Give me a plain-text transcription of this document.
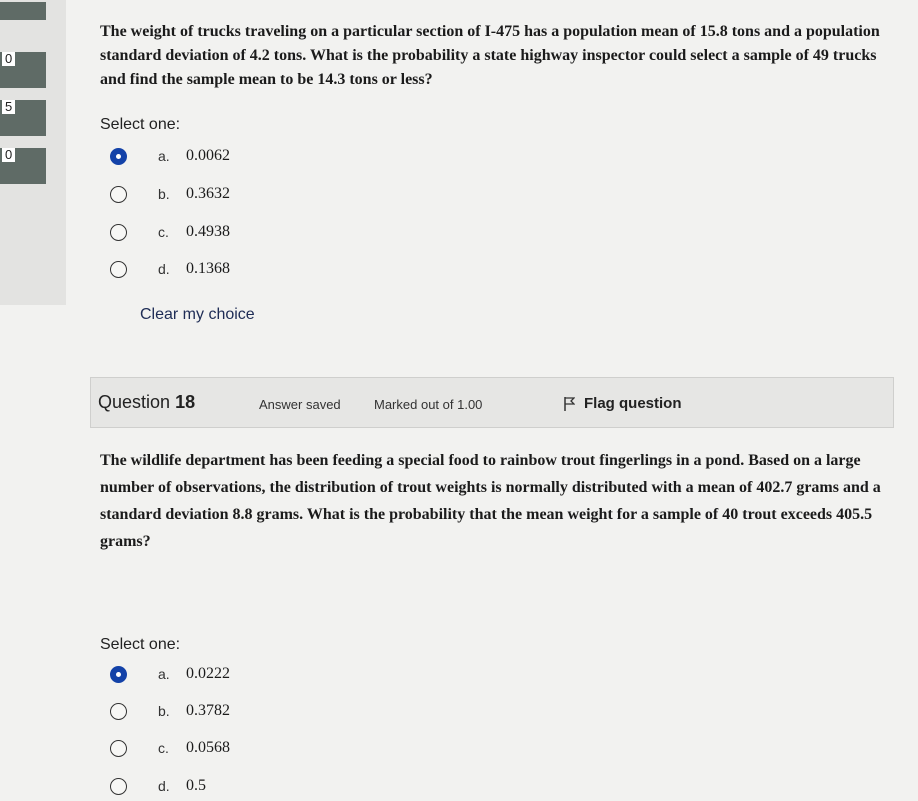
0
5
0
The weight of trucks traveling on a particular section of I-475 has a population mean of 15.8 tons and a population standard deviation of 4.2 tons. What is the probability a state highway inspector could select a sample of 49 trucks and find the sample mean to be 14.3 tons or less?
Select one:
a.	0.0062
b.	0.3632
c.	0.4938
d.	0.1368
Clear my choice
Question 18	Answer saved	Marked out of 1.00	Flag question
The wildlife department has been feeding a special food to rainbow trout fingerlings in a pond. Based on a large number of observations, the distribution of trout weights is normally distributed with a mean of 402.7 grams and a standard deviation 8.8 grams. What is the probability that the mean weight for a sample of 40 trout exceeds 405.5 grams?
Select one:
a.	0.0222
b.	0.3782
c.	0.0568
d.	0.5
